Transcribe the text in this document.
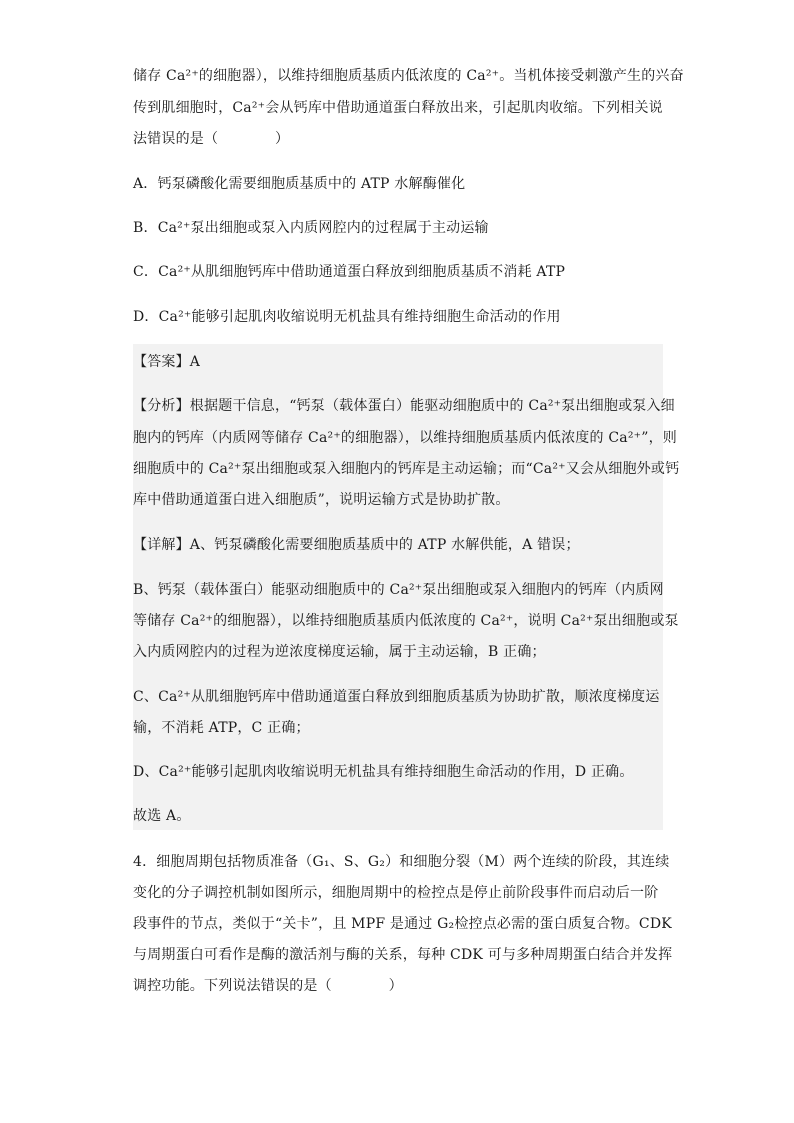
储存 Ca²⁺的细胞器），以维持细胞质基质内低浓度的 Ca²⁺。当机体接受刺激产生的兴奋
传到肌细胞时，Ca²⁺会从钙库中借助通道蛋白释放出来，引起肌肉收缩。下列相关说
法错误的是（　　　　）
A．钙泵磷酸化需要细胞质基质中的 ATP 水解酶催化
B．Ca²⁺泵出细胞或泵入内质网腔内的过程属于主动运输
C．Ca²⁺从肌细胞钙库中借助通道蛋白释放到细胞质基质不消耗 ATP
D．Ca²⁺能够引起肌肉收缩说明无机盐具有维持细胞生命活动的作用
【答案】A
【分析】根据题干信息，“钙泵（载体蛋白）能驱动细胞质中的 Ca²⁺泵出细胞或泵入细
胞内的钙库（内质网等储存 Ca²⁺的细胞器），以维持细胞质基质内低浓度的 Ca²⁺”，则
细胞质中的 Ca²⁺泵出细胞或泵入细胞内的钙库是主动运输；而“Ca²⁺又会从细胞外或钙
库中借助通道蛋白进入细胞质”，说明运输方式是协助扩散。
【详解】A、钙泵磷酸化需要细胞质基质中的 ATP 水解供能，A 错误；
B、钙泵（载体蛋白）能驱动细胞质中的 Ca²⁺泵出细胞或泵入细胞内的钙库（内质网
等储存 Ca²⁺的细胞器），以维持细胞质基质内低浓度的 Ca²⁺，说明 Ca²⁺泵出细胞或泵
入内质网腔内的过程为逆浓度梯度运输，属于主动运输，B 正确；
C、Ca²⁺从肌细胞钙库中借助通道蛋白释放到细胞质基质为协助扩散，顺浓度梯度运
输，不消耗 ATP，C 正确；
D、Ca²⁺能够引起肌肉收缩说明无机盐具有维持细胞生命活动的作用，D 正确。
故选 A。
4．细胞周期包括物质准备（G₁、S、G₂）和细胞分裂（M）两个连续的阶段，其连续
变化的分子调控机制如图所示，细胞周期中的检控点是停止前阶段事件而启动后一阶
段事件的节点，类似于“关卡”，且 MPF 是通过 G₂检控点必需的蛋白质复合物。CDK
与周期蛋白可看作是酶的激活剂与酶的关系，每种 CDK 可与多种周期蛋白结合并发挥
调控功能。下列说法错误的是（　　　　）
